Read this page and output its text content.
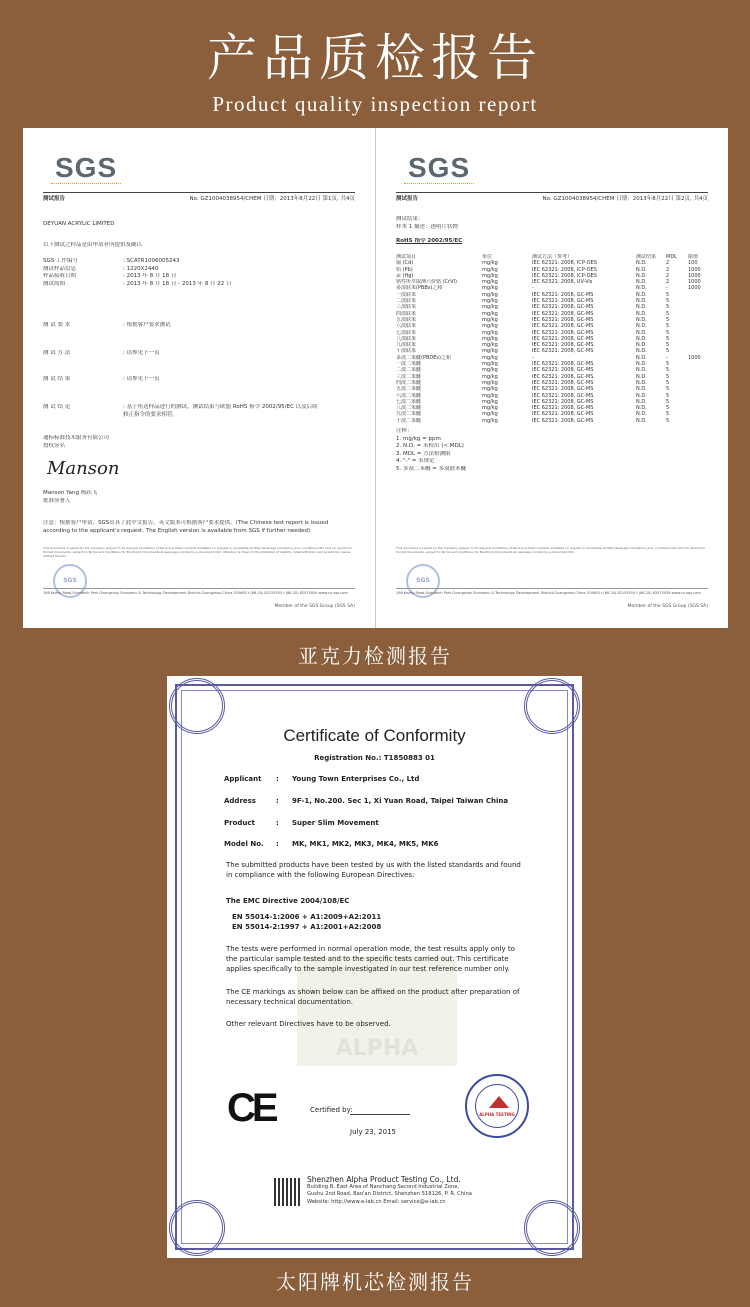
产品质检报告
Product quality inspection report
SGS
测试报告	No. GZ1004038954/CHEM 日期：2013年8月22日 第1页, 共4页
DEYUAN ACRYLIC LIMITED
以下测试之样品是由申请者所提供及确认
SGS 工作编号	: SCATR1006005243
测试样品信息	: 1220X2440
样品接收日期	: 2013 年 8 月 18 日
测试周期	: 2013 年 8 月 18 日 - 2013 年 8 月 22 日
测 试 要 求	: 根据客户要求测试
测 试 方 法	: 请参见下一页
测 试 结 果	: 请参见下一页
测 试 结 论	: 基于所送样品进行的测试，测试结果与欧盟 RoHS 指令 2002/95/EC 以及后续修正指令的要求相符。
通标标准技术服务有限公司
授权签名
Manson
Manson Yang 杨跃飞
批准签署人
注意：根据客户申请，SGS出具了此中文报告，英文版本可根据客户要求提供。(The Chinese test report is issued according to the applicant's request. The English version is available from SGS if further needed)
This document is issued by the Company subject to its General Conditions of Service printed overleaf, available on request or accessible at http://www.sgs.com/terms_and_conditions.htm and, for electronic format documents, subject to Terms and Conditions for Electronic Documents at www.sgs.com/terms_e-document.htm. Attention is drawn to the limitation of liability, indemnification and jurisdiction issues defined therein.
SGS
198 Kezhu Road,Scientech Park Guangzhou Economic & Technology Development District,Guangzhou,China 510663 t (86-20) 82155555 f (86-20) 82075059 www.cn.sgs.com
Member of the SGS Group (SGS SA)
SGS
测试报告	No. GZ1004038954/CHEM 日期：2013年8月22日 第2页, 共4页
测试结果：
样本 1 描述：透明片状物
RoHS 指令 2002/95/EC
测试项目	单位	测试方法（参考）	测试结果	MDL	限值
镉 (Cd)	mg/kg	IEC 62321: 2008, ICP-OES	N.D.	2	100
铅 (Pb)	mg/kg	IEC 62321: 2008, ICP-OES	N.D.	2	1000
汞 (Hg)	mg/kg	IEC 62321: 2008, ICP-OES	N.D.	2	1000
铬性所萃取测六价铬 (CrVI)	mg/kg	IEC 62321: 2008, UV-Vis	N.D.	2	1000
多溴联苯(PBBs)之和	mg/kg	-	N.D.	-	1000
一溴联苯	mg/kg	IEC 62321: 2008, GC-MS	N.D.	5	
二溴联苯	mg/kg	IEC 62321: 2008, GC-MS	N.D.	5	
三溴联苯	mg/kg	IEC 62321: 2008, GC-MS	N.D.	5	
四溴联苯	mg/kg	IEC 62321: 2008, GC-MS	N.D.	5	
五溴联苯	mg/kg	IEC 62321: 2008, GC-MS	N.D.	5	
六溴联苯	mg/kg	IEC 62321: 2008, GC-MS	N.D.	5	
七溴联苯	mg/kg	IEC 62321: 2008, GC-MS	N.D.	5	
八溴联苯	mg/kg	IEC 62321: 2008, GC-MS	N.D.	5	
九溴联苯	mg/kg	IEC 62321: 2008, GC-MS	N.D.	5	
十溴联苯	mg/kg	IEC 62321: 2008, GC-MS	N.D.	5	
多溴二苯醚(PBDEs)之和	mg/kg	-	N.D.	-	1000
一溴二苯醚	mg/kg	IEC 62321: 2008, GC-MS	N.D.	5	
二溴二苯醚	mg/kg	IEC 62321: 2008, GC-MS	N.D.	5	
三溴二苯醚	mg/kg	IEC 62321: 2008, GC-MS	N.D.	5	
四溴二苯醚	mg/kg	IEC 62321: 2008, GC-MS	N.D.	5	
五溴二苯醚	mg/kg	IEC 62321: 2008, GC-MS	N.D.	5	
六溴二苯醚	mg/kg	IEC 62321: 2008, GC-MS	N.D.	5	
七溴二苯醚	mg/kg	IEC 62321: 2008, GC-MS	N.D.	5	
八溴二苯醚	mg/kg	IEC 62321: 2008, GC-MS	N.D.	5	
九溴二苯醚	mg/kg	IEC 62321: 2008, GC-MS	N.D.	5	
十溴二苯醚	mg/kg	IEC 62321: 2008, GC-MS	N.D.	5	
注释：
1. mg/kg = ppm
2. N.D. = 未检出 (< MDL)
3. MDL = 方法检测限
4. "-" = 未规定
5. 多溴二苯醚 = 多溴联苯醚
This document is issued by the Company subject to its General Conditions of Service printed overleaf, available on request or accessible at http://www.sgs.com/terms_and_conditions.htm and, for electronic format documents, subject to Terms and Conditions for Electronic Documents at www.sgs.com/terms_e-document.htm.
SGS
198 Kezhu Road,Scientech Park Guangzhou Economic & Technology Development District,Guangzhou,China 510663 t (86-20) 82155555 f (86-20) 82075059 www.cn.sgs.com
Member of the SGS Group (SGS SA)
亚克力检测报告
ALPHA
Certificate of Conformity
Registration No.: T1850883 01
Applicant	:	Young Town Enterprises Co., Ltd
Address	:	9F-1, No.200. Sec 1, Xi Yuan Road, Taipei Taiwan China
Product	:	Super Slim Movement
Model No.	:	MK, MK1, MK2, MK3, MK4, MK5, MK6
The submitted products have been tested by us with the listed standards and found in compliance with the following European Directives:
The EMC Directive 2004/108/EC
EN 55014-1:2006 + A1:2009+A2:2011
EN 55014-2:1997 + A1:2001+A2:2008
The tests were performed in normal operation mode, the test results apply only to the particular sample tested and to the specific tests carried out. This certificate applies specifically to the sample investigated in our test reference number only.
The CE markings as shown below can be affixed on the product after preparation of necessary technical documentation.
Other relevant Directives have to be observed.
CE	Certified by:
July 23, 2015
ALPHA TESTING
Shenzhen Alpha Product Testing Co., Ltd.
Building B, East Area of Nanchang Second Industrial Zone,
Gushu 2nd Road, Bao'an District, Shenzhen 518126, P. R. China
Website: http://www.a-lab.cn Email: service@a-lab.cn
太阳牌机芯检测报告
